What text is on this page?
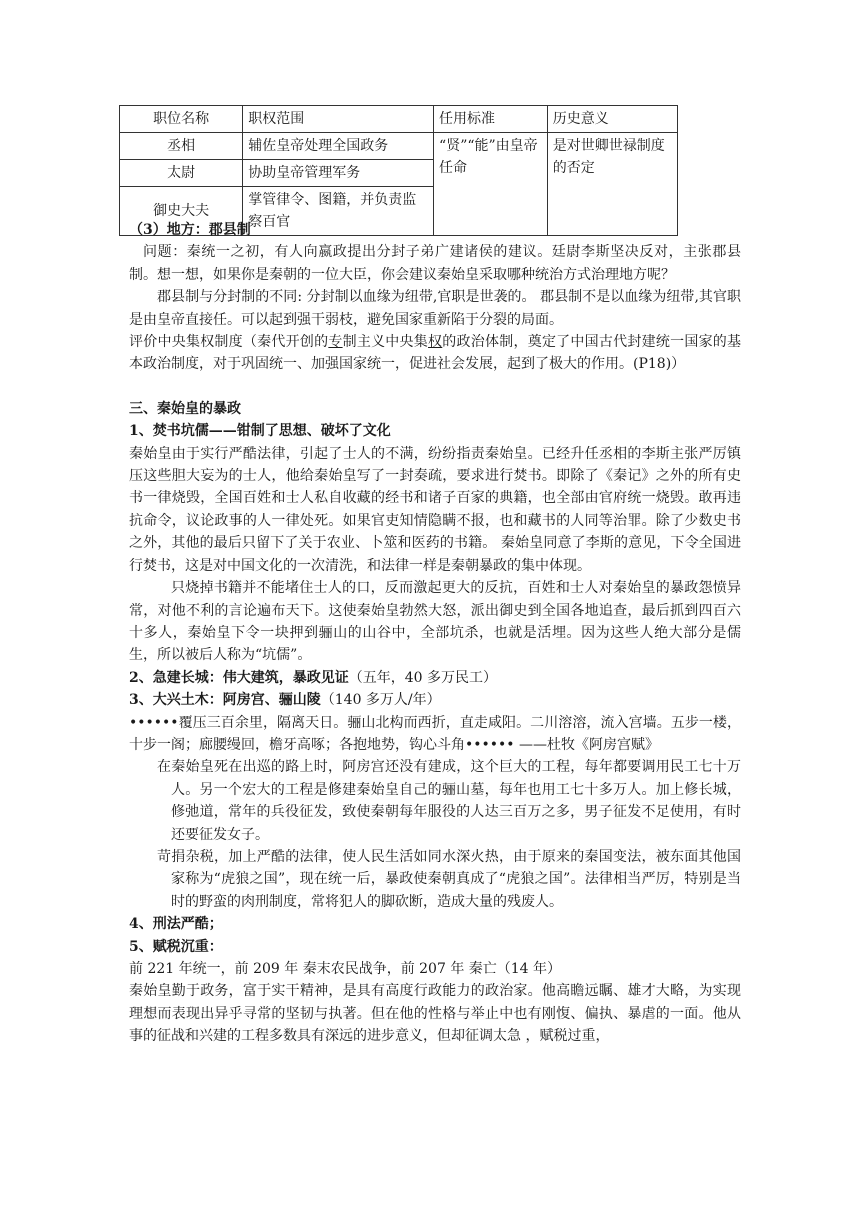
职位名称	职权范围	任用标准	历史意义
丞相	辅佐皇帝处理全国政务	“贤”“能”由皇帝任命	是对世卿世禄制度的否定
太尉	协助皇帝管理军务		
御史大夫	掌管律令、图籍，并负责监察百官		

（3）地方：郡县制

问题：秦统一之初，有人向嬴政提出分封子弟广建诸侯的建议。廷尉李斯坚决反对，主张郡县制。想一想，如果你是秦朝的一位大臣，你会建议秦始皇采取哪种统治方式治理地方呢？

郡县制与分封制的不同: 分封制以血缘为纽带,官职是世袭的。 郡县制不是以血缘为纽带,其官职是由皇帝直接任。可以起到强干弱枝，避免国家重新陷于分裂的局面。

评价中央集权制度（秦代开创的专制主义中央集权的政治体制，奠定了中国古代封建统一国家的基本政治制度，对于巩固统一、加强国家统一，促进社会发展，起到了极大的作用。(P18)）

三、秦始皇的暴政

1、焚书坑儒——钳制了思想、破坏了文化

秦始皇由于实行严酷法律，引起了士人的不满，纷纷指责秦始皇。已经升任丞相的李斯主张严厉镇压这些胆大妄为的士人，他给秦始皇写了一封奏疏，要求进行焚书。即除了《秦记》之外的所有史书一律烧毁，全国百姓和士人私自收藏的经书和诸子百家的典籍，也全部由官府统一烧毁。敢再违抗命令，议论政事的人一律处死。如果官吏知情隐瞒不报，也和藏书的人同等治罪。除了少数史书之外，其他的最后只留下了关于农业、卜筮和医药的书籍。 秦始皇同意了李斯的意见，下令全国进行焚书，这是对中国文化的一次清洗，和法律一样是秦朝暴政的集中体现。

只烧掉书籍并不能堵住士人的口，反而激起更大的反抗，百姓和士人对秦始皇的暴政怨愤异常，对他不利的言论遍布天下。这使秦始皇勃然大怒，派出御史到全国各地追查，最后抓到四百六十多人，秦始皇下令一块押到骊山的山谷中，全部坑杀，也就是活埋。因为这些人绝大部分是儒生，所以被后人称为“坑儒”。

2、急建长城：伟大建筑，暴政见证（五年，40 多万民工）

3、大兴土木：阿房宫、骊山陵（140 多万人/年）

••••••覆压三百余里，隔离天日。骊山北构而西折，直走咸阳。二川溶溶，流入宫墙。五步一楼，十步一阁；廊腰缦回，檐牙高啄；各抱地势，钩心斗角•••••• ——杜牧《阿房宫赋》

在秦始皇死在出巡的路上时，阿房宫还没有建成，这个巨大的工程，每年都要调用民工七十万人。另一个宏大的工程是修建秦始皇自己的骊山墓，每年也用工七十多万人。加上修长城，修弛道，常年的兵役征发，致使秦朝每年服役的人达三百万之多，男子征发不足使用，有时还要征发女子。

苛捐杂税，加上严酷的法律，使人民生活如同水深火热，由于原来的秦国变法，被东面其他国家称为“虎狼之国”，现在统一后，暴政使秦朝真成了“虎狼之国”。法律相当严厉，特别是当时的野蛮的肉刑制度，常将犯人的脚砍断，造成大量的残废人。

4、刑法严酷；

5、赋税沉重：

前 221 年统一，前 209 年 秦末农民战争，前 207 年 秦亡（14 年）

秦始皇勤于政务，富于实干精神，是具有高度行政能力的政治家。他高瞻远瞩、雄才大略，为实现理想而表现出异乎寻常的坚韧与执著。但在他的性格与举止中也有刚愎、偏执、暴虐的一面。他从事的征战和兴建的工程多数具有深远的进步意义，但却征调太急 ，赋税过重，
